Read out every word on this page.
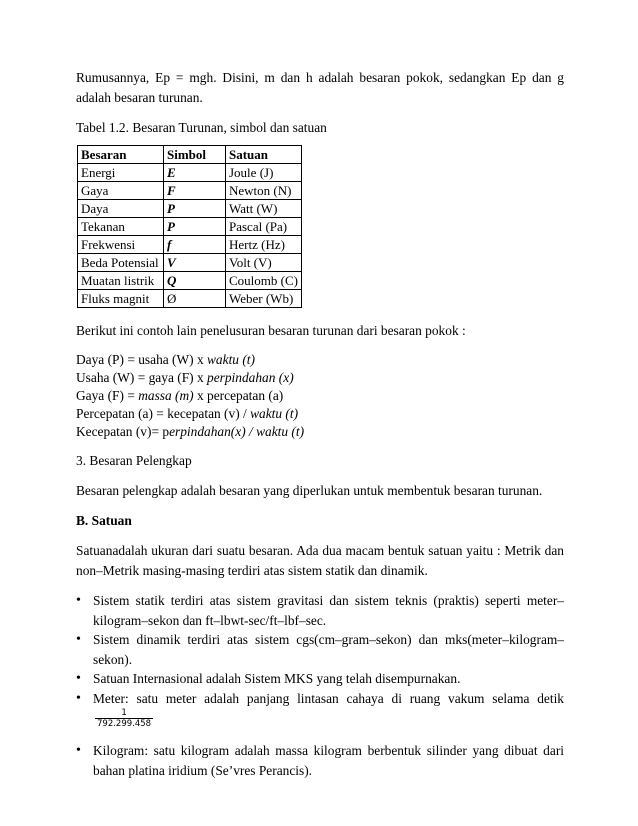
Rumusannya, Ep = mgh. Disini, m dan h adalah besaran pokok, sedangkan Ep dan g adalah besaran turunan.

Tabel 1.2. Besaran Turunan, simbol dan satuan

Besaran	Simbol	Satuan
Energi	E	Joule (J)
Gaya	F	Newton (N)
Daya	P	Watt (W)
Tekanan	P	Pascal (Pa)
Frekwensi	f	Hertz (Hz)
Beda Potensial	V	Volt (V)
Muatan listrik	Q	Coulomb (C)
Fluks magnit	Ø	Weber (Wb)

Berikut ini contoh lain penelusuran besaran turunan dari besaran pokok :

Daya (P) = usaha (W) x waktu (t)

Usaha (W) = gaya (F) x perpindahan (x)

Gaya (F) = massa (m) x percepatan (a)

Percepatan (a) = kecepatan (v) / waktu (t)

Kecepatan (v)= perpindahan(x) / waktu (t)

3. Besaran Pelengkap

Besaran pelengkap adalah besaran yang diperlukan untuk membentuk besaran turunan.

B. Satuan

Satuanadalah ukuran dari suatu besaran. Ada dua macam bentuk satuan yaitu : Metrik dan non–Metrik masing-masing terdiri atas sistem statik dan dinamik.

• Sistem statik terdiri atas sistem gravitasi dan sistem teknis (praktis) seperti meter–kilogram–sekon dan ft–lbwt-sec/ft–lbf–sec.
• Sistem dinamik terdiri atas sistem cgs(cm–gram–sekon) dan mks(meter–kilogram–sekon).
• Satuan Internasional adalah Sistem MKS yang telah disempurnakan.
• Meter: satu meter adalah panjang lintasan cahaya di ruang vakum selama detik
$\frac{1}{792.299.458}$
• Kilogram: satu kilogram adalah massa kilogram berbentuk silinder yang dibuat dari bahan platina iridium (Se’vres Perancis).
